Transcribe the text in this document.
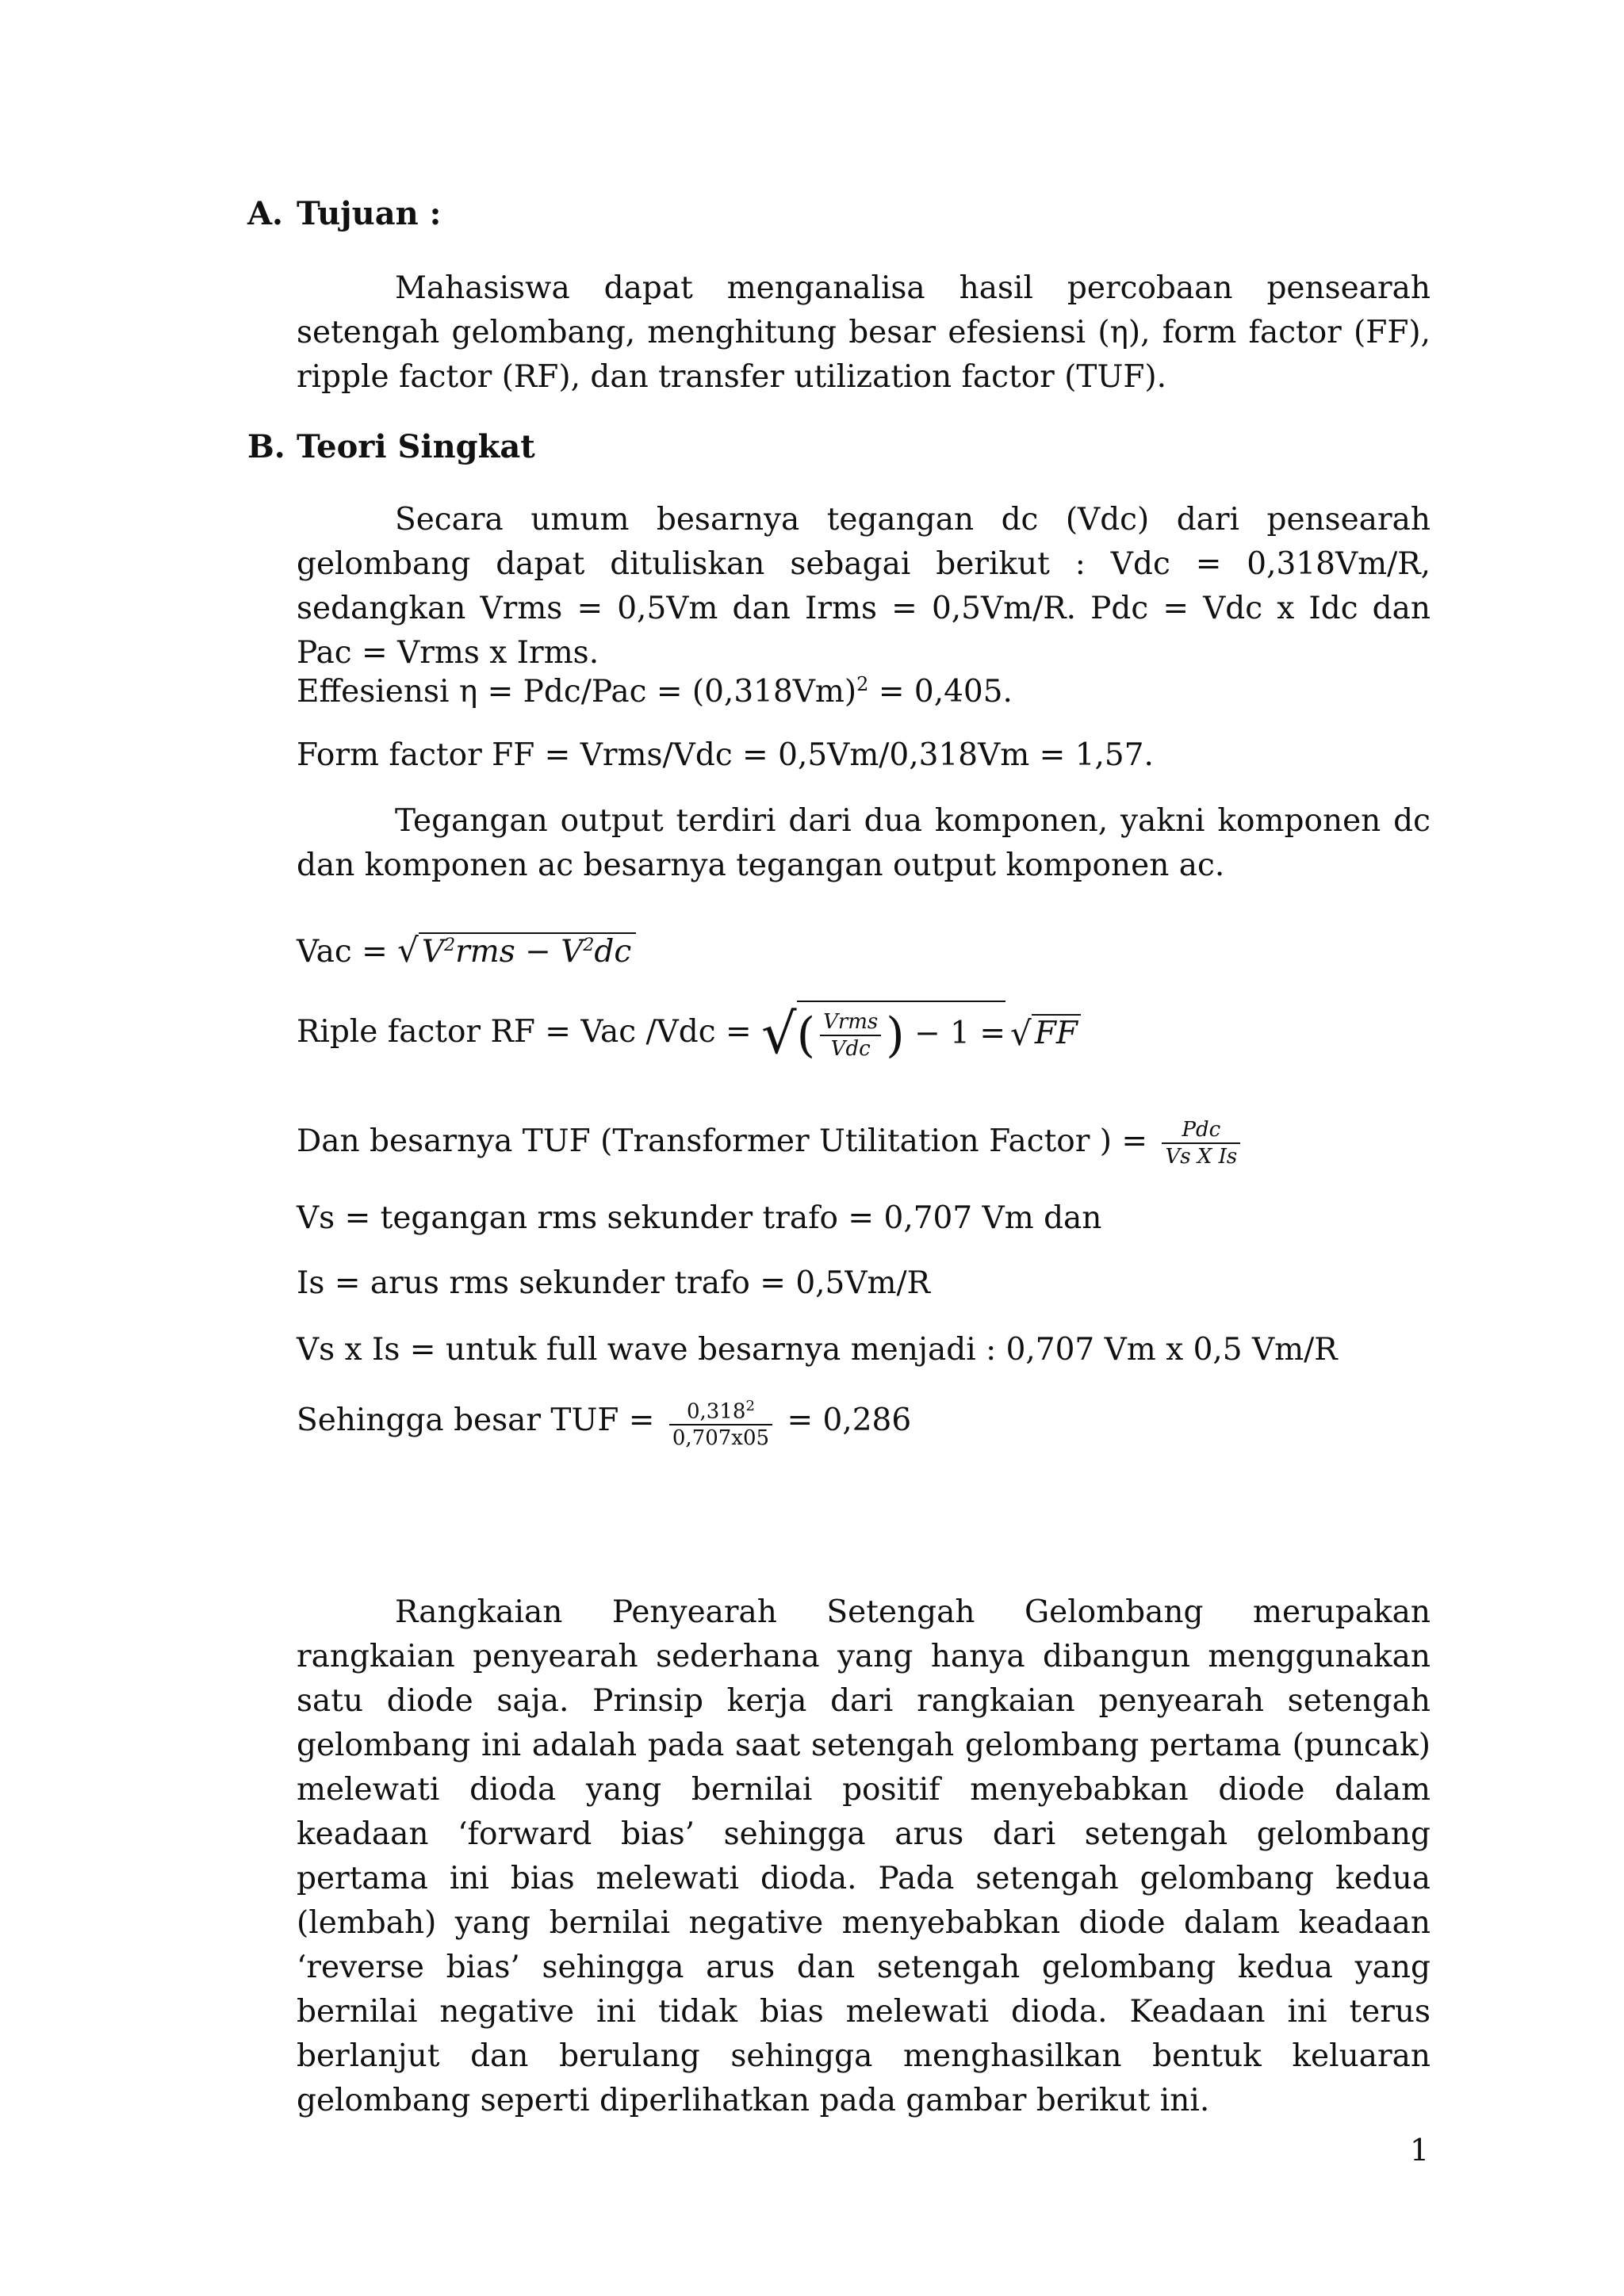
A. Tujuan :
Mahasiswa dapat menganalisa hasil percobaan pensearah setengah gelombang, menghitung besar efesiensi (η), form factor (FF), ripple factor (RF), dan transfer utilization factor (TUF).
B. Teori Singkat
Secara umum besarnya tegangan dc (Vdc) dari pensearah gelombang dapat dituliskan sebagai berikut : Vdc = 0,318Vm/R, sedangkan Vrms = 0,5Vm dan Irms = 0,5Vm/R. Pdc = Vdc x Idc dan Pac = Vrms x Irms.
Effesiensi $\eta = Pdc/Pac = (0,318Vm)^2 = 0,405$.
Form factor FF = Vrms/Vdc = 0,5Vm/0,318Vm = 1,57.
Tegangan output terdiri dari dua komponen, yakni komponen dc dan komponen ac besarnya tegangan output komponen ac.
Vac = √ $V^2rms - V^2dc$
Riple factor RF = Vac /Vdc = √( $\frac{\text{Vrms}}{\text{Vdc}}$ ) − 1 =√ FF
Dan besarnya TUF (Transformer Utilitation Factor ) = $\frac{\text{Pdc}}{\text{Vs X Is}}$
Vs = tegangan rms sekunder trafo = 0,707 Vm dan
Is = arus rms sekunder trafo = 0,5Vm/R
Vs x Is = untuk full wave besarnya menjadi : 0,707 Vm x 0,5 Vm/R
Sehingga besar TUF = $\frac{0,318^2}{0,707x05} = 0,286$
Rangkaian Penyearah Setengah Gelombang merupakan rangkaian penyearah sederhana yang hanya dibangun menggunakan satu diode saja. Prinsip kerja dari rangkaian penyearah setengah gelombang ini adalah pada saat setengah gelombang pertama (puncak) melewati dioda yang bernilai positif menyebabkan diode dalam keadaan ‘forward bias’ sehingga arus dari setengah gelombang pertama ini bias melewati dioda. Pada setengah gelombang kedua (lembah) yang bernilai negative menyebabkan diode dalam keadaan ‘reverse bias’ sehingga arus dan setengah gelombang kedua yang bernilai negative ini tidak bias melewati dioda. Keadaan ini terus berlanjut dan berulang sehingga menghasilkan bentuk keluaran gelombang seperti diperlihatkan pada gambar berikut ini.
1
